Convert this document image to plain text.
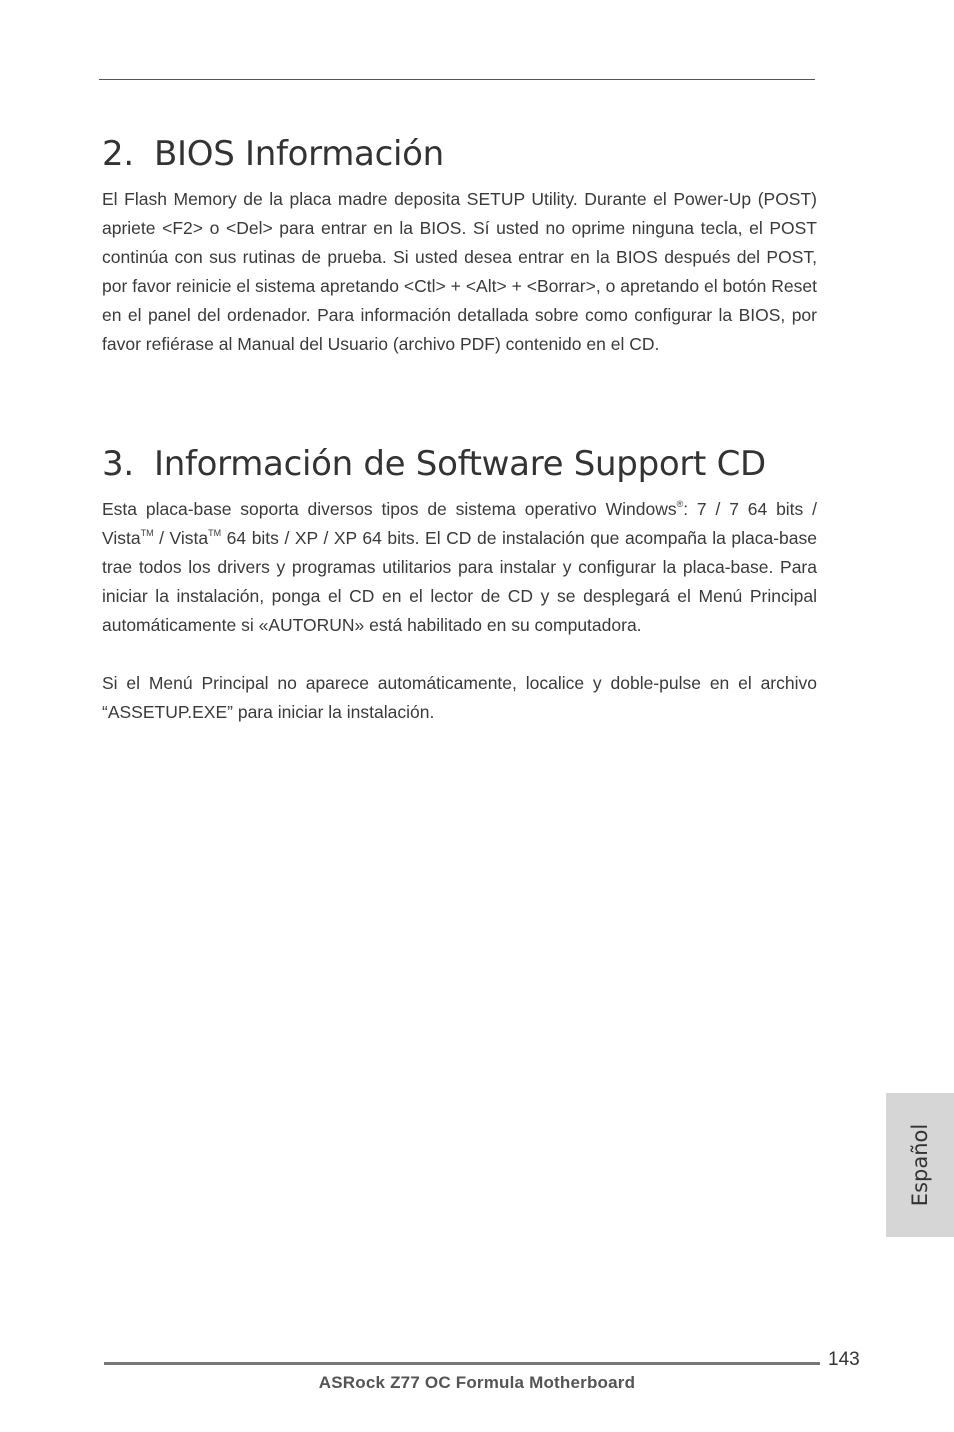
2. BIOS Información

El Flash Memory de la placa madre deposita SETUP Utility. Durante el Power-Up (POST) apriete <F2> o <Del> para entrar en la BIOS. Sí usted no oprime ninguna tecla, el POST continúa con sus rutinas de prueba. Si usted desea entrar en la BIOS después del POST, por favor reinicie el sistema apretando <Ctl> + <Alt> + <Borrar>, o apretando el botón Reset en el panel del ordenador. Para información detallada sobre como configurar la BIOS, por favor refiérase al Manual del Usuario (archivo PDF) contenido en el CD.

3. Información de Software Support CD

Esta placa-base soporta diversos tipos de sistema operativo Windows®: 7 / 7 64 bits / Vista™ / Vista™ 64 bits / XP / XP 64 bits. El CD de instalación que acompaña la placa-base trae todos los drivers y programas utilitarios para instalar y configurar la placa-base. Para iniciar la instalación, ponga el CD en el lector de CD y se desplegará el Menú Principal automáticamente si «AUTORUN» está habilitado en su computadora.

Si el Menú Principal no aparece automáticamente, localice y doble-pulse en el archivo “ASSETUP.EXE” para iniciar la instalación.

Español
143
ASRock Z77 OC Formula Motherboard
